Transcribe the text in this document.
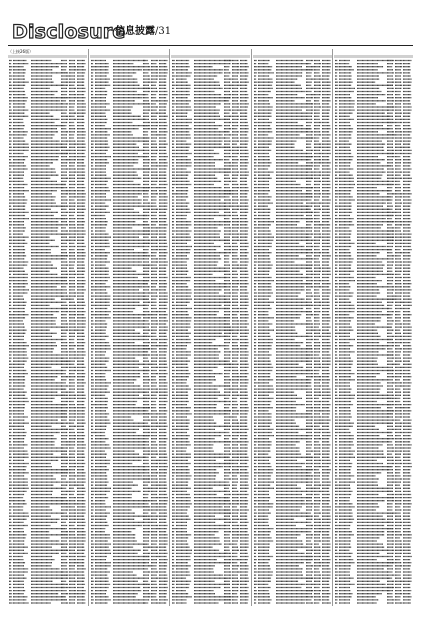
Disclosure
信息披露/31
（上接26版）
